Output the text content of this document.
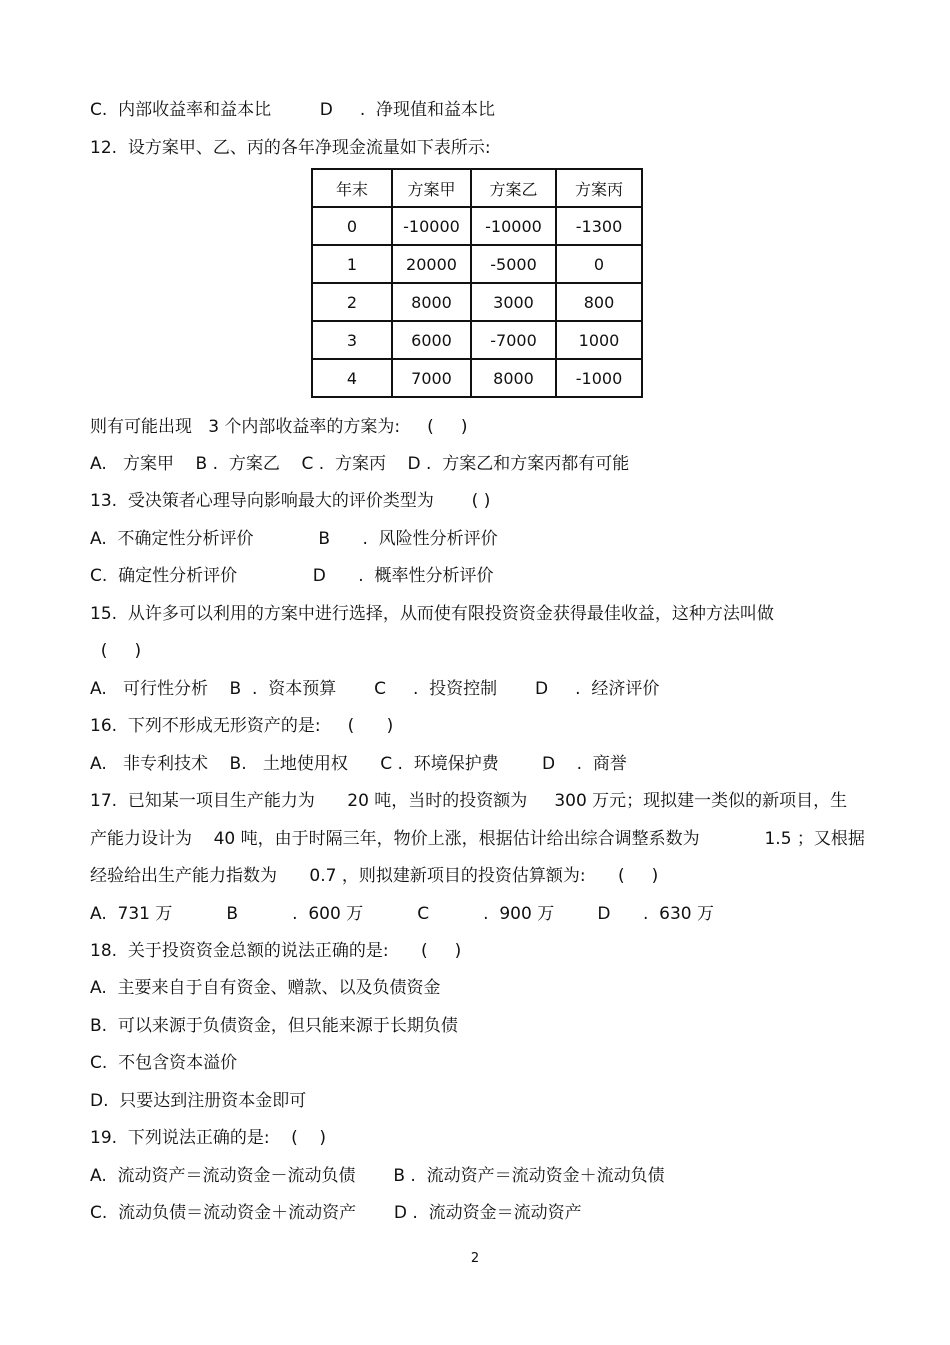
C.  内部收益率和益本比         D     .  净现值和益本比
12.  设方案甲、乙、丙的各年净现金流量如下表所示:
年末	方案甲	方案乙	方案丙
0	-10000	-10000	-1300
1	20000	-5000	0
2	8000	3000	800
3	6000	-7000	1000
4	7000	8000	-1000
则有可能出现   3 个内部收益率的方案为:     (     )
A.   方案甲    B .  方案乙    C .  方案丙    D .  方案乙和方案丙都有可能
13.  受决策者心理导向影响最大的评价类型为       ( )
A.  不确定性分析评价            B      .  风险性分析评价
C.  确定性分析评价              D      .  概率性分析评价
15.  从许多可以利用的方案中进行选择，从而使有限投资资金获得最佳收益，这种方法叫做
(     )
A.   可行性分析    B  .  资本预算       C     .  投资控制       D     .  经济评价
16.  下列不形成无形资产的是:     (      )
A.   非专利技术    B.   土地使用权      C .  环境保护费        D    .  商誉
17.  已知某一项目生产能力为      20 吨，当时的投资额为     300 万元；现拟建一类似的新项目，生
产能力设计为    40 吨，由于时隔三年，物价上涨，根据估计给出综合调整系数为            1.5 ；又根据
经验给出生产能力指数为      0.7 ，则拟建新项目的投资估算额为:      (     )
A.  731 万          B          .  600 万          C          .  900 万        D      .  630 万
18.  关于投资资金总额的说法正确的是:      (     )
A.  主要来自于自有资金、赠款、以及负债资金
B.  可以来源于负债资金，但只能来源于长期负债
C.  不包含资本溢价
D.  只要达到注册资本金即可
19.  下列说法正确的是:    (    )
A.  流动资产＝流动资金－流动负债       B .  流动资产＝流动资金＋流动负债
C.  流动负债＝流动资金＋流动资产       D .  流动资金＝流动资产
2
